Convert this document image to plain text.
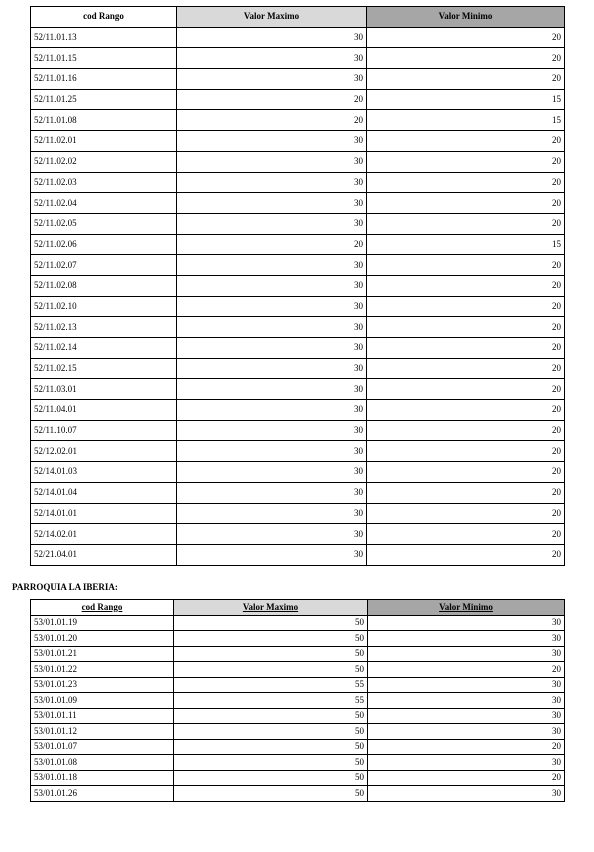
cod Rango	Valor Maximo	Valor Minimo
52/11.01.13	30	20
52/11.01.15	30	20
52/11.01.16	30	20
52/11.01.25	20	15
52/11.01.08	20	15
52/11.02.01	30	20
52/11.02.02	30	20
52/11.02.03	30	20
52/11.02.04	30	20
52/11.02.05	30	20
52/11.02.06	20	15
52/11.02.07	30	20
52/11.02.08	30	20
52/11.02.10	30	20
52/11.02.13	30	20
52/11.02.14	30	20
52/11.02.15	30	20
52/11.03.01	30	20
52/11.04.01	30	20
52/11.10.07	30	20
52/12.02.01	30	20
52/14.01.03	30	20
52/14.01.04	30	20
52/14.01.01	30	20
52/14.02.01	30	20
52/21.04.01	30	20

PARROQUIA LA IBERIA:

cod Rango	Valor Maximo	Valor Minimo
53/01.01.19	50	30
53/01.01.20	50	30
53/01.01.21	50	30
53/01.01.22	50	20
53/01.01.23	55	30
53/01.01.09	55	30
53/01.01.11	50	30
53/01.01.12	50	30
53/01.01.07	50	20
53/01.01.08	50	30
53/01.01.18	50	20
53/01.01.26	50	30
